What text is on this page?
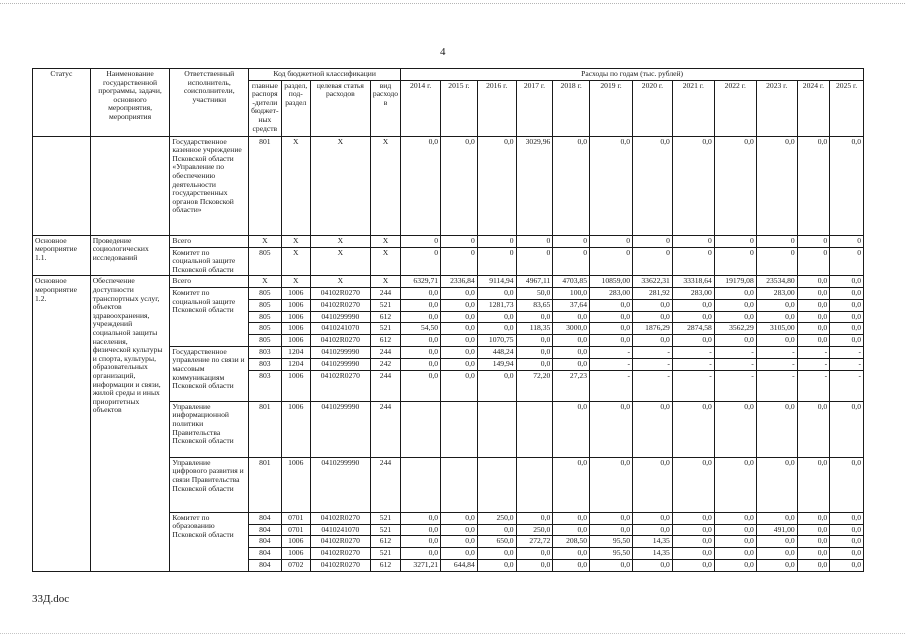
4
Статус	Наименование государственной программы, задачи, основного мероприятия, мероприятия	Ответственный исполнитель, соисполнители, участники	Код бюджетной классификации				Расходы по годам (тыс. рублей)											
			главные распоря-дители бюджет-ных средств	раздел, под-раздел	целевая статья расходов	вид расходов	2014 г.	2015 г.	2016 г.	2017 г.	2018 г.	2019 г.	2020 г.	2021 г.	2022 г.	2023 г.	2024 г.	2025 г.
		Государственное казенное учреждение Псковской области «Управление по обеспечению деятельности государственных органов Псковской области»	801	X	X	X	0,0	0,0	0,0	3029,96	0,0	0,0	0,0	0,0	0,0	0,0	0,0	0,0
Основное мероприятие 1.1.	Проведение социологических исследований	Всего	X	X	X	X	0	0	0	0	0	0	0	0	0	0	0	0
		Комитет по социальной защите Псковской области	805	X	X	X	0	0	0	0	0	0	0	0	0	0	0	0
Основное мероприятие 1.2.	Обеспечение доступности транспортных услуг, объектов здравоохранения, учреждений социальной защиты населения, физической культуры и спорта, культуры, образовательных организаций, информации и связи, жилой среды и иных приоритетных объектов	Всего	X	X	X	X	6329,71	2336,84	9114,94	4967,11	4703,85	10859,00	33622,31	33318,64	19179,08	23534,80	0,0	0,0
		Комитет по социальной защите Псковской области	805	1006	04102R0270	244	0,0	0,0	0,0	50,0	100,0	283,00	281,92	283,00	0,0	283,00	0,0	0,0
			805	1006	04102R0270	521	0,0	0,0	1281,73	83,65	37,64	0,0	0,0	0,0	0,0	0,0	0,0	0,0
			805	1006	0410299990	612	0,0	0,0	0,0	0,0	0,0	0,0	0,0	0,0	0,0	0,0	0,0	0,0
			805	1006	0410241070	521	54,50	0,0	0,0	118,35	3000,0	0,0	1876,29	2874,58	3562,29	3105,00	0,0	0,0
			805	1006	04102R0270	612	0,0	0,0	1070,75	0,0	0,0	0,0	0,0	0,0	0,0	0,0	0,0	0,0
		Государственное управление по связи и массовым коммуникациям Псковской области	803	1204	0410299990	244	0,0	0,0	448,24	0,0	0,0	-	-	-	-	-	-	-
			803	1204	0410299990	242	0,0	0,0	149,94	0,0	0,0	-	-	-	-	-	-	-
			803	1006	04102R0270	244	0,0	0,0	0,0	72,20	27,23	-	-	-	-	-	-	-
		Управление информационной политики Правительства Псковской области	801	1006	0410299990	244					0,0	0,0	0,0	0,0	0,0	0,0	0,0	0,0
		Управление цифрового развития и связи Правительства Псковской области	801	1006	0410299990	244					0,0	0,0	0,0	0,0	0,0	0,0	0,0	0,0
		Комитет по образованию Псковской области	804	0701	04102R0270	521	0,0	0,0	250,0	0,0	0,0	0,0	0,0	0,0	0,0	0,0	0,0	0,0
			804	0701	0410241070	521	0,0	0,0	0,0	250,0	0,0	0,0	0,0	0,0	0,0	491,00	0,0	0,0
			804	1006	04102R0270	612	0,0	0,0	650,0	272,72	208,50	95,50	14,35	0,0	0,0	0,0	0,0	0,0
			804	1006	04102R0270	521	0,0	0,0	0,0	0,0	0,0	95,50	14,35	0,0	0,0	0,0	0,0	0,0
			804	0702	04102R0270	612	3271,21	644,84	0,0	0,0	0,0	0,0	0,0	0,0	0,0	0,0	0,0	0,0
33Д.doc
